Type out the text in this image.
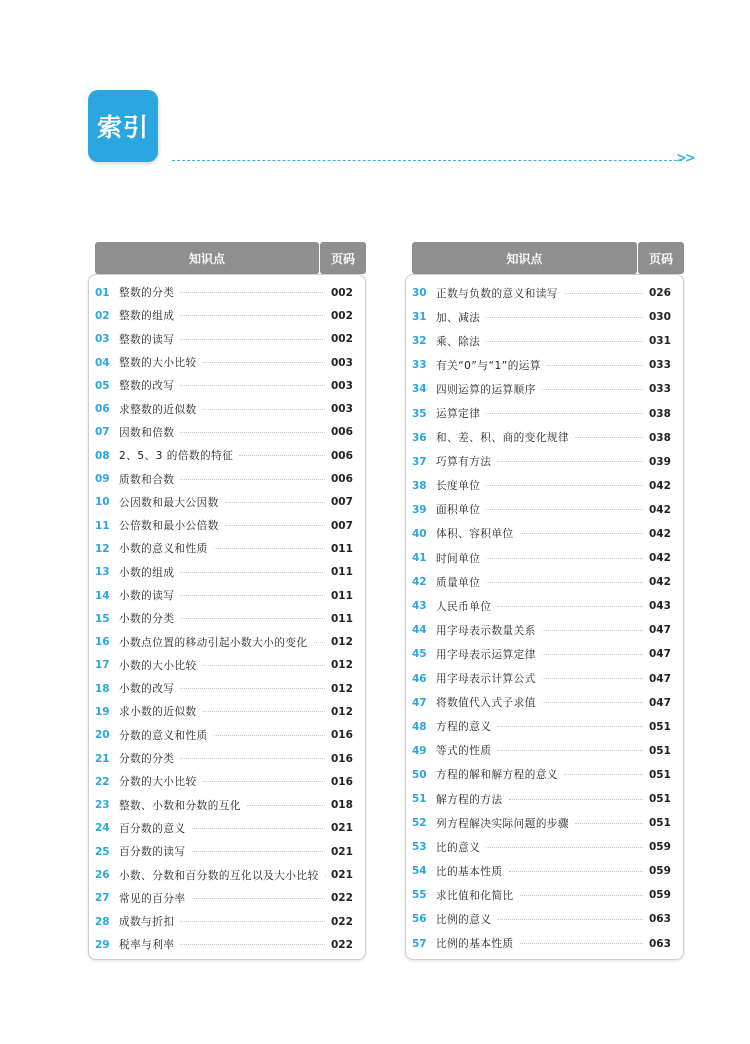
索引
>>
知识点	页码
01 整数的分类	002
02 整数的组成	002
03 整数的读写	002
04 整数的大小比较	003
05 整数的改写	003
06 求整数的近似数	003
07 因数和倍数	006
08 2、5、3 的倍数的特征	006
09 质数和合数	006
10 公因数和最大公因数	007
11 公倍数和最小公倍数	007
12 小数的意义和性质	011
13 小数的组成	011
14 小数的读写	011
15 小数的分类	011
16 小数点位置的移动引起小数大小的变化	012
17 小数的大小比较	012
18 小数的改写	012
19 求小数的近似数	012
20 分数的意义和性质	016
21 分数的分类	016
22 分数的大小比较	016
23 整数、小数和分数的互化	018
24 百分数的意义	021
25 百分数的读写	021
26 小数、分数和百分数的互化以及大小比较	021
27 常见的百分率	022
28 成数与折扣	022
29 税率与利率	022
知识点	页码
30 正数与负数的意义和读写	026
31 加、减法	030
32 乘、除法	031
33 有关“0”与“1”的运算	033
34 四则运算的运算顺序	033
35 运算定律	038
36 和、差、积、商的变化规律	038
37 巧算有方法	039
38 长度单位	042
39 面积单位	042
40 体积、容积单位	042
41 时间单位	042
42 质量单位	042
43 人民币单位	043
44 用字母表示数量关系	047
45 用字母表示运算定律	047
46 用字母表示计算公式	047
47 将数值代入式子求值	047
48 方程的意义	051
49 等式的性质	051
50 方程的解和解方程的意义	051
51 解方程的方法	051
52 列方程解决实际问题的步骤	051
53 比的意义	059
54 比的基本性质	059
55 求比值和化简比	059
56 比例的意义	063
57 比例的基本性质	063
